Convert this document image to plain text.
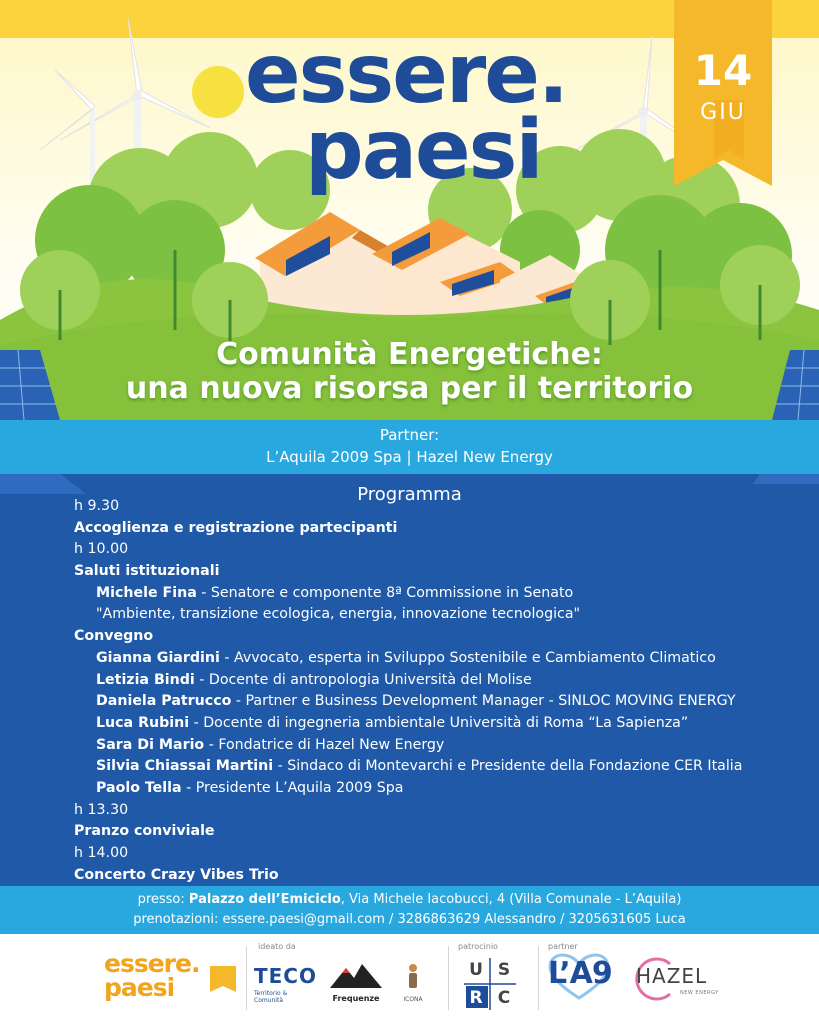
essere.
paesi
14
GIU
Comunità Energetiche:
una nuova risorsa per il territorio
Partner:
L’Aquila 2009 Spa | Hazel New Energy
Programma
h 9.30
Accoglienza e registrazione partecipanti
h 10.00
Saluti istituzionali
Michele Fina - Senatore e componente 8ª Commissione in Senato
"Ambiente, transizione ecologica, energia, innovazione tecnologica"
Convegno
Gianna Giardini - Avvocato, esperta in Sviluppo Sostenibile e Cambiamento Climatico
Letizia Bindi - Docente di antropologia Università del Molise
Daniela Patrucco - Partner e Business Development Manager - SINLOC MOVING ENERGY
Luca Rubini - Docente di ingegneria ambientale Università di Roma “La Sapienza”
Sara Di Mario - Fondatrice di Hazel New Energy
Silvia Chiassai Martini - Sindaco di Montevarchi e Presidente della Fondazione CER Italia
Paolo Tella - Presidente L’Aquila 2009 Spa
h 13.30
Pranzo conviviale
h 14.00
Concerto Crazy Vibes Trio
presso: Palazzo dell’Emiciclo, Via Michele Iacobucci, 4 (Villa Comunale - L’Aquila)
prenotazioni: essere.paesi@gmail.com / 3286863629 Alessandro / 3205631605 Luca
essere.
paesi
ideato da
TECO
Territorio & Comunità	Frequenze	ICONA
patrocinio
U S
R C
partner
L’A9 HAZEL
NEW ENERGY
